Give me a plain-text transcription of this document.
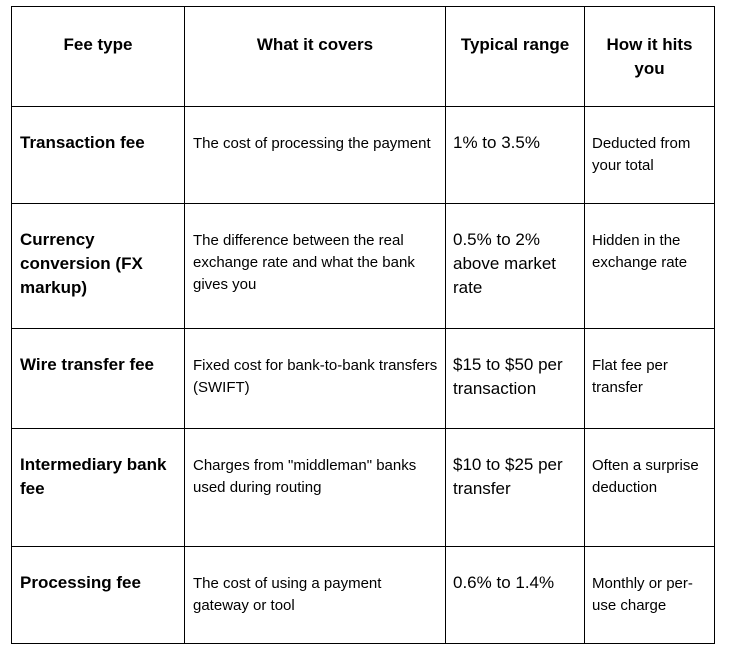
Fee type	What it covers	Typical range	How it hits you

Transaction fee	The cost of processing the payment	1% to 3.5%	Deducted from your total

Currency conversion (FX markup)	The difference between the real exchange rate and what the bank gives you	0.5% to 2% above market rate	Hidden in the exchange rate

Wire transfer fee	Fixed cost for bank-to-bank transfers (SWIFT)	$15 to $50 per transaction	Flat fee per transfer

Intermediary bank fee	Charges from "middleman" banks used during routing	$10 to $25 per transfer	Often a surprise deduction

Processing fee	The cost of using a payment gateway or tool	0.6% to 1.4%	Monthly or per-use charge
